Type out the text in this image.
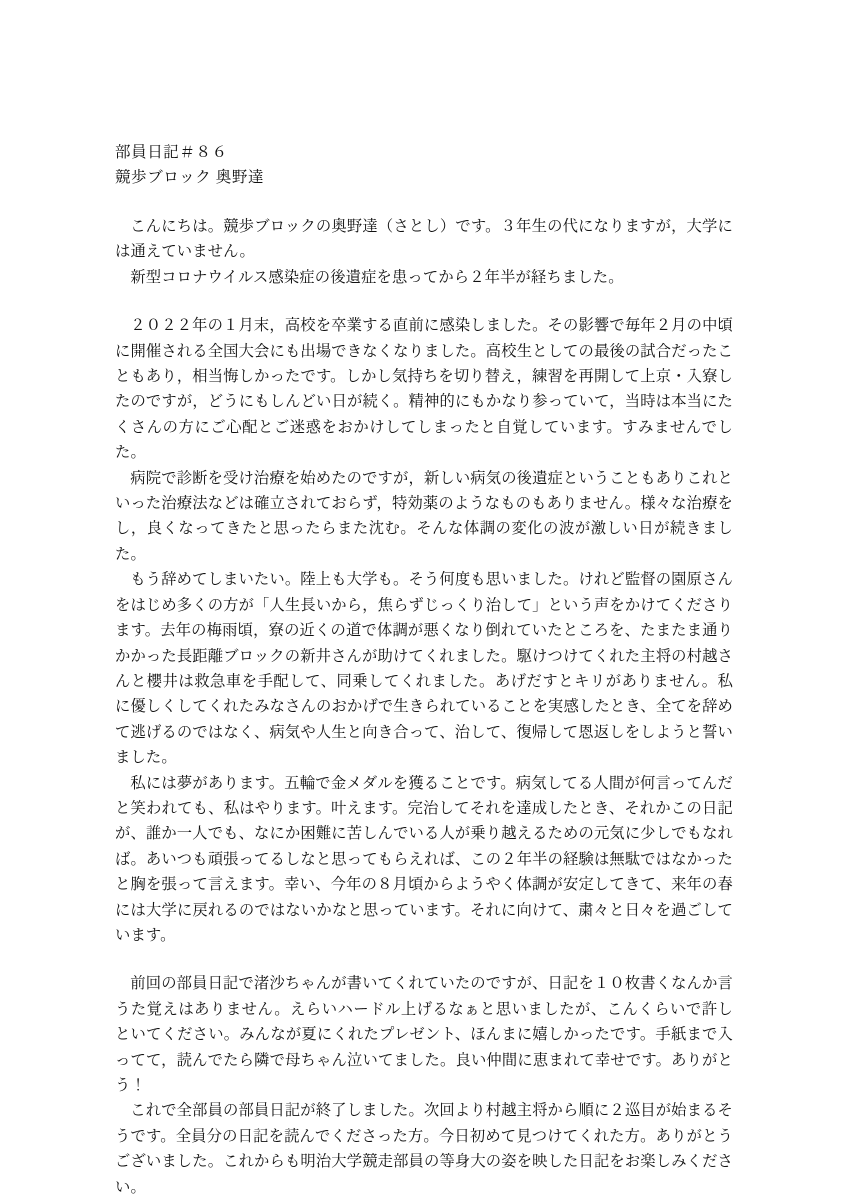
部員日記＃８６
競歩ブロック 奥野達

こんにちは。競歩ブロックの奥野達（さとし）です。３年生の代になりますが，大学には通えていません。

新型コロナウイルス感染症の後遺症を患ってから２年半が経ちました。

２０２２年の１月末，高校を卒業する直前に感染しました。その影響で毎年２月の中頃に開催される全国大会にも出場できなくなりました。高校生としての最後の試合だったこともあり，相当悔しかったです。しかし気持ちを切り替え，練習を再開して上京・入寮したのですが，どうにもしんどい日が続く。精神的にもかなり参っていて，当時は本当にたくさんの方にご心配とご迷惑をおかけしてしまったと自覚しています。すみませんでした。

病院で診断を受け治療を始めたのですが，新しい病気の後遺症ということもありこれといった治療法などは確立されておらず，特効薬のようなものもありません。様々な治療をし，良くなってきたと思ったらまた沈む。そんな体調の変化の波が激しい日が続きました。

もう辞めてしまいたい。陸上も大学も。そう何度も思いました。けれど監督の園原さんをはじめ多くの方が「人生長いから，焦らずじっくり治して」という声をかけてくださります。去年の梅雨頃，寮の近くの道で体調が悪くなり倒れていたところを、たまたま通りかかった長距離ブロックの新井さんが助けてくれました。駆けつけてくれた主将の村越さんと櫻井は救急車を手配して、同乗してくれました。あげだすとキリがありません。私に優しくしてくれたみなさんのおかげで生きられていることを実感したとき、全てを辞めて逃げるのではなく、病気や人生と向き合って、治して、復帰して恩返しをしようと誓いました。

私には夢があります。五輪で金メダルを獲ることです。病気してる人間が何言ってんだと笑われても、私はやります。叶えます。完治してそれを達成したとき、それかこの日記が、誰か一人でも、なにか困難に苦しんでいる人が乗り越えるための元気に少しでもなれば。あいつも頑張ってるしなと思ってもらえれば、この２年半の経験は無駄ではなかったと胸を張って言えます。幸い、今年の８月頃からようやく体調が安定してきて、来年の春には大学に戻れるのではないかなと思っています。それに向けて、粛々と日々を過ごしています。

前回の部員日記で渚沙ちゃんが書いてくれていたのですが、日記を１０枚書くなんか言うた覚えはありません。えらいハードル上げるなぁと思いましたが、こんくらいで許しといてください。みんなが夏にくれたプレゼント、ほんまに嬉しかったです。手紙まで入ってて，読んでたら隣で母ちゃん泣いてました。良い仲間に恵まれて幸せです。ありがとう！

これで全部員の部員日記が終了しました。次回より村越主将から順に２巡目が始まるそうです。全員分の日記を読んでくださった方。今日初めて見つけてくれた方。ありがとうございました。これからも明治大学競走部員の等身大の姿を映した日記をお楽しみください。
